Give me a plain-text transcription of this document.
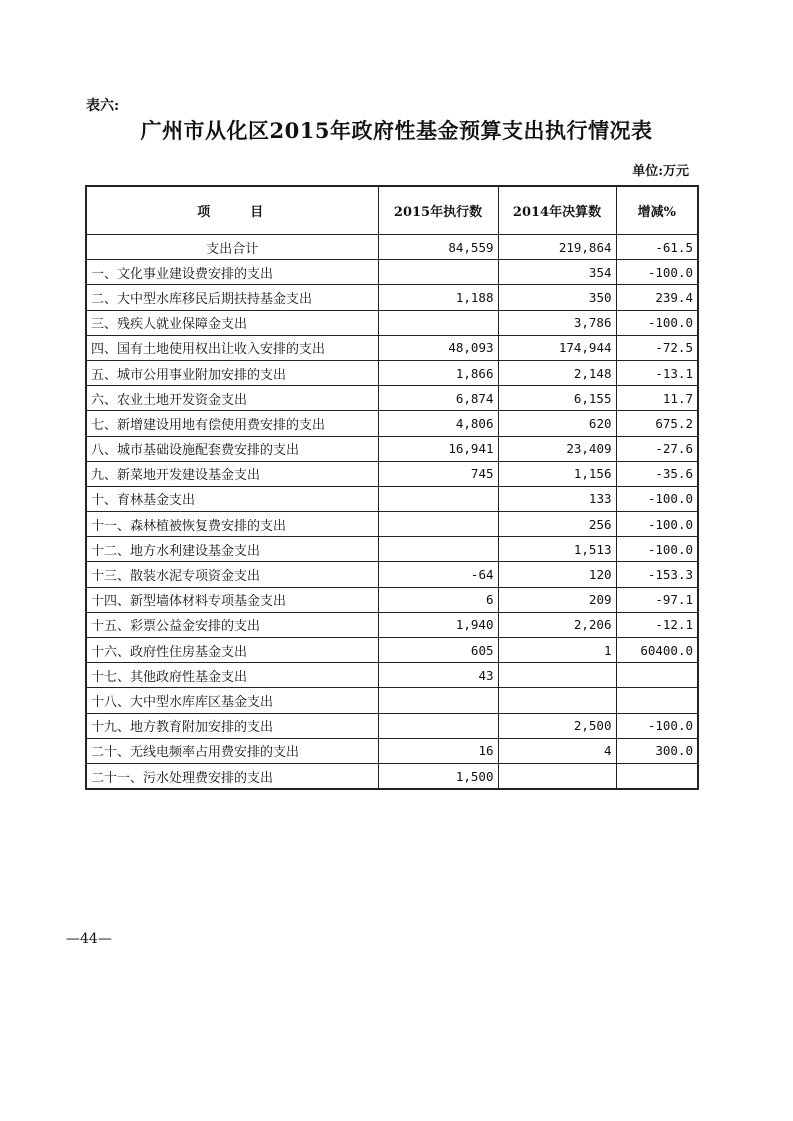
表六:
广州市从化区2015年政府性基金预算支出执行情况表
单位:万元
项目	2015年执行数	2014年决算数	增减%
支出合计	84,559	219,864	-61.5
一、文化事业建设费安排的支出		354	-100.0
二、大中型水库移民后期扶持基金支出	1,188	350	239.4
三、残疾人就业保障金支出		3,786	-100.0
四、国有土地使用权出让收入安排的支出	48,093	174,944	-72.5
五、城市公用事业附加安排的支出	1,866	2,148	-13.1
六、农业土地开发资金支出	6,874	6,155	11.7
七、新增建设用地有偿使用费安排的支出	4,806	620	675.2
八、城市基础设施配套费安排的支出	16,941	23,409	-27.6
九、新菜地开发建设基金支出	745	1,156	-35.6
十、育林基金支出		133	-100.0
十一、森林植被恢复费安排的支出		256	-100.0
十二、地方水利建设基金支出		1,513	-100.0
十三、散装水泥专项资金支出	-64	120	-153.3
十四、新型墙体材料专项基金支出	6	209	-97.1
十五、彩票公益金安排的支出	1,940	2,206	-12.1
十六、政府性住房基金支出	605	1	60400.0
十七、其他政府性基金支出	43		
十八、大中型水库库区基金支出			
十九、地方教育附加安排的支出		2,500	-100.0
二十、无线电频率占用费安排的支出	16	4	300.0
二十一、污水处理费安排的支出	1,500		
—44—
